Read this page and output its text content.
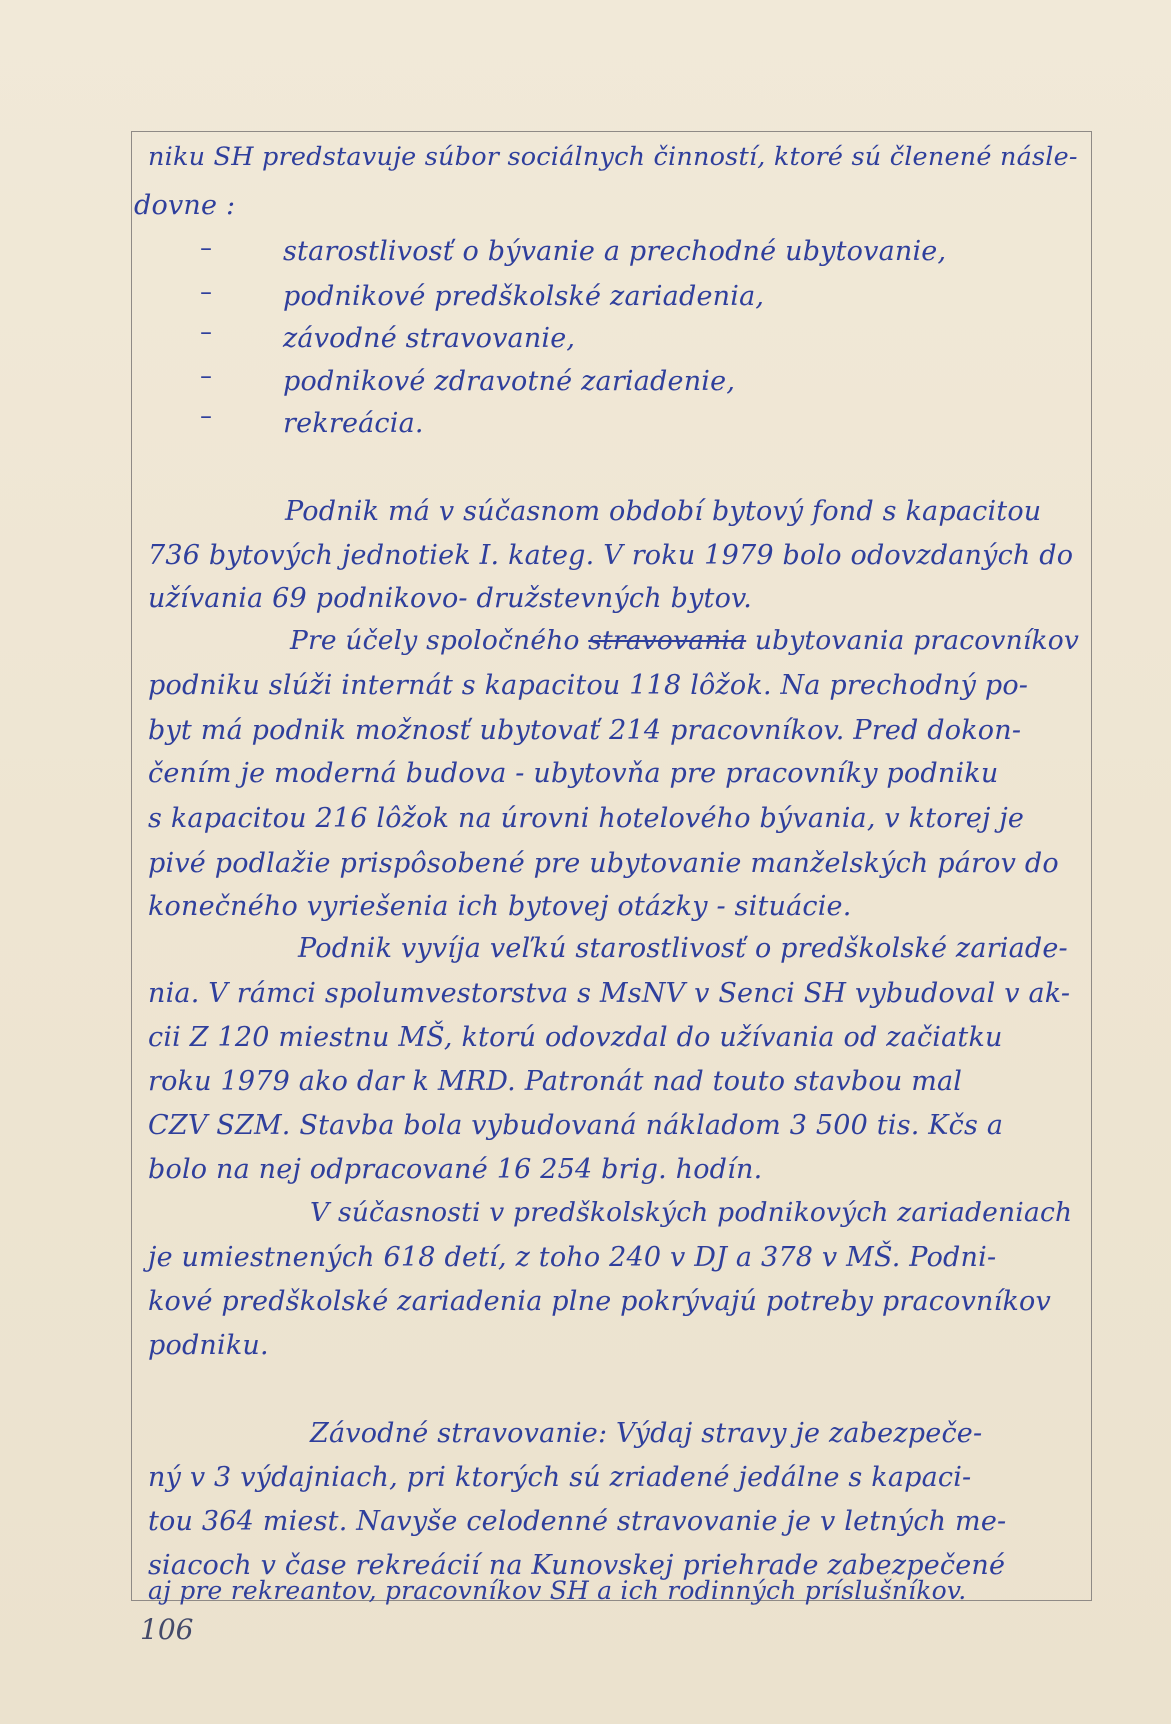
niku SH predstavuje súbor sociálnych činností, ktoré sú členené násle-
dovne :
–	starostlivosť o bývanie a prechodné ubytovanie,
–	podnikové predškolské zariadenia,
–	závodné stravovanie,
–	podnikové zdravotné zariadenie,
–	rekreácia.
Podnik má v súčasnom období bytový fond s kapacitou
736 bytových jednotiek I. kateg. V roku 1979 bolo odovzdaných do
užívania 69 podnikovo- družstevných bytov.
Pre účely spoločného stravovania ubytovania pracovníkov
podniku slúži internát s kapacitou 118 lôžok. Na prechodný po-
byt má podnik možnosť ubytovať 214 pracovníkov. Pred dokon-
čením je moderná budova - ubytovňa pre pracovníky podniku
s kapacitou 216 lôžok na úrovni hotelového bývania, v ktorej je
pivé podlažie prispôsobené pre ubytovanie manželských párov do
konečného vyriešenia ich bytovej otázky - situácie.
Podnik vyvíja veľkú starostlivosť o predškolské zariade-
nia. V rámci spolumvestorstva s MsNV v Senci SH vybudoval v ak-
cii Z 120 miestnu MŠ, ktorú odovzdal do užívania od začiatku
roku 1979 ako dar k MRD. Patronát nad touto stavbou mal
CZV SZM. Stavba bola vybudovaná nákladom 3 500 tis. Kčs a
bolo na nej odpracované 16 254 brig. hodín.
V súčasnosti v predškolských podnikových zariadeniach
je umiestnených 618 detí, z toho 240 v DJ a 378 v MŠ. Podni-
kové predškolské zariadenia plne pokrývajú potreby pracovníkov
podniku.
Závodné stravovanie: Výdaj stravy je zabezpeče-
ný v 3 výdajniach, pri ktorých sú zriadené jedálne s kapaci-
tou 364 miest. Navyše celodenné stravovanie je v letných me-
siacoch v čase rekreácií na Kunovskej priehrade zabezpečené
aj pre rekreantov, pracovníkov SH a ich rodinných príslušníkov.
106
